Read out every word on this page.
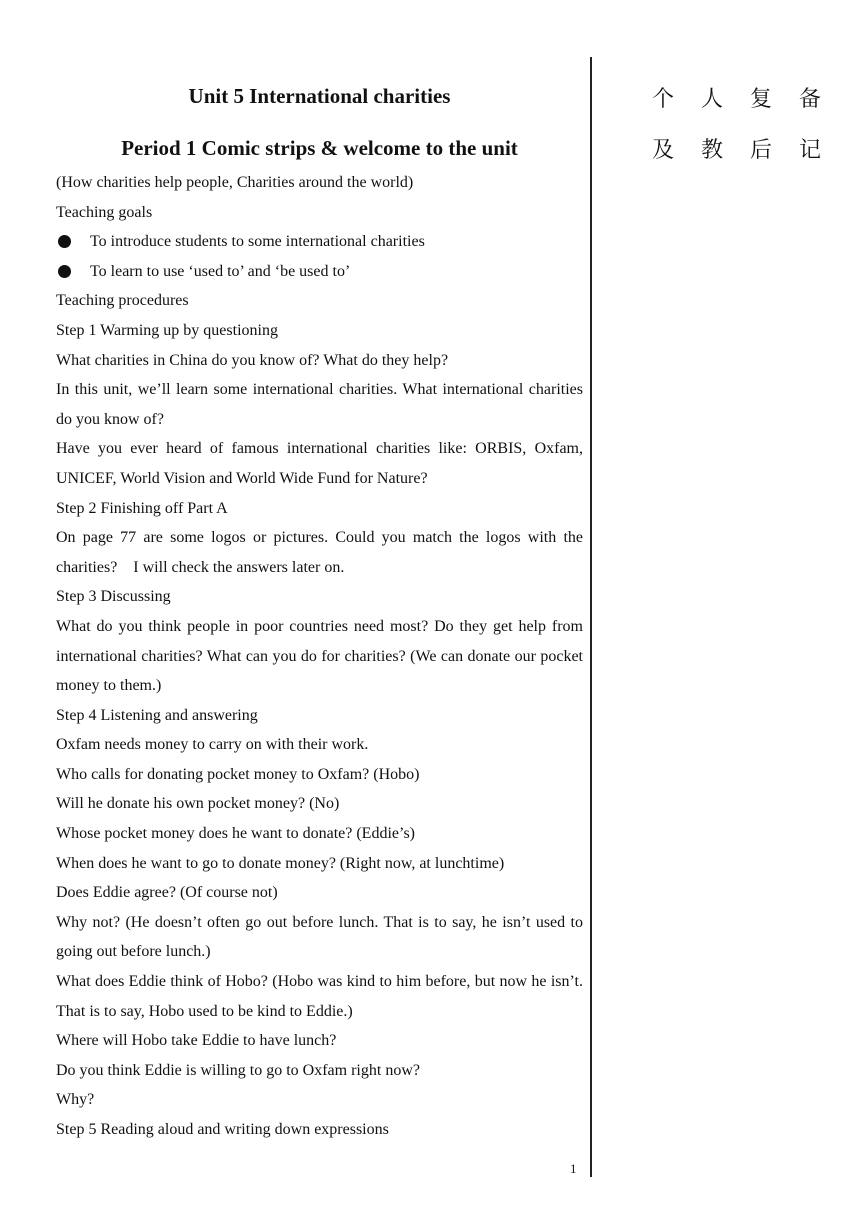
Unit 5 International charities
Period 1 Comic strips & welcome to the unit

(How charities help people, Charities around the world)

Teaching goals

To introduce students to some international charities
To learn to use ‘used to’ and ‘be used to’

Teaching procedures

Step 1 Warming up by questioning

What charities in China do you know of? What do they help?

In this unit, we’ll learn some international charities. What international charities do you know of?

Have you ever heard of famous international charities like: ORBIS, Oxfam, UNICEF, World Vision and World Wide Fund for Nature?

Step 2 Finishing off Part A

On page 77 are some logos or pictures. Could you match the logos with the charities?　I will check the answers later on.

Step 3 Discussing

What do you think people in poor countries need most? Do they get help from international charities? What can you do for charities? (We can donate our pocket money to them.)

Step 4 Listening and answering

Oxfam needs money to carry on with their work.

Who calls for donating pocket money to Oxfam? (Hobo)

Will he donate his own pocket money? (No)

Whose pocket money does he want to donate? (Eddie’s)

When does he want to go to donate money? (Right now, at lunchtime)

Does Eddie agree? (Of course not)

Why not? (He doesn’t often go out before lunch. That is to say, he isn’t used to going out before lunch.)

What does Eddie think of Hobo? (Hobo was kind to him before, but now he isn’t. That is to say, Hobo used to be kind to Eddie.)

Where will Hobo take Eddie to have lunch?

Do you think Eddie is willing to go to Oxfam right now?

Why?

Step 5 Reading aloud and writing down expressions

个 人 复 备
及 教 后 记
1
